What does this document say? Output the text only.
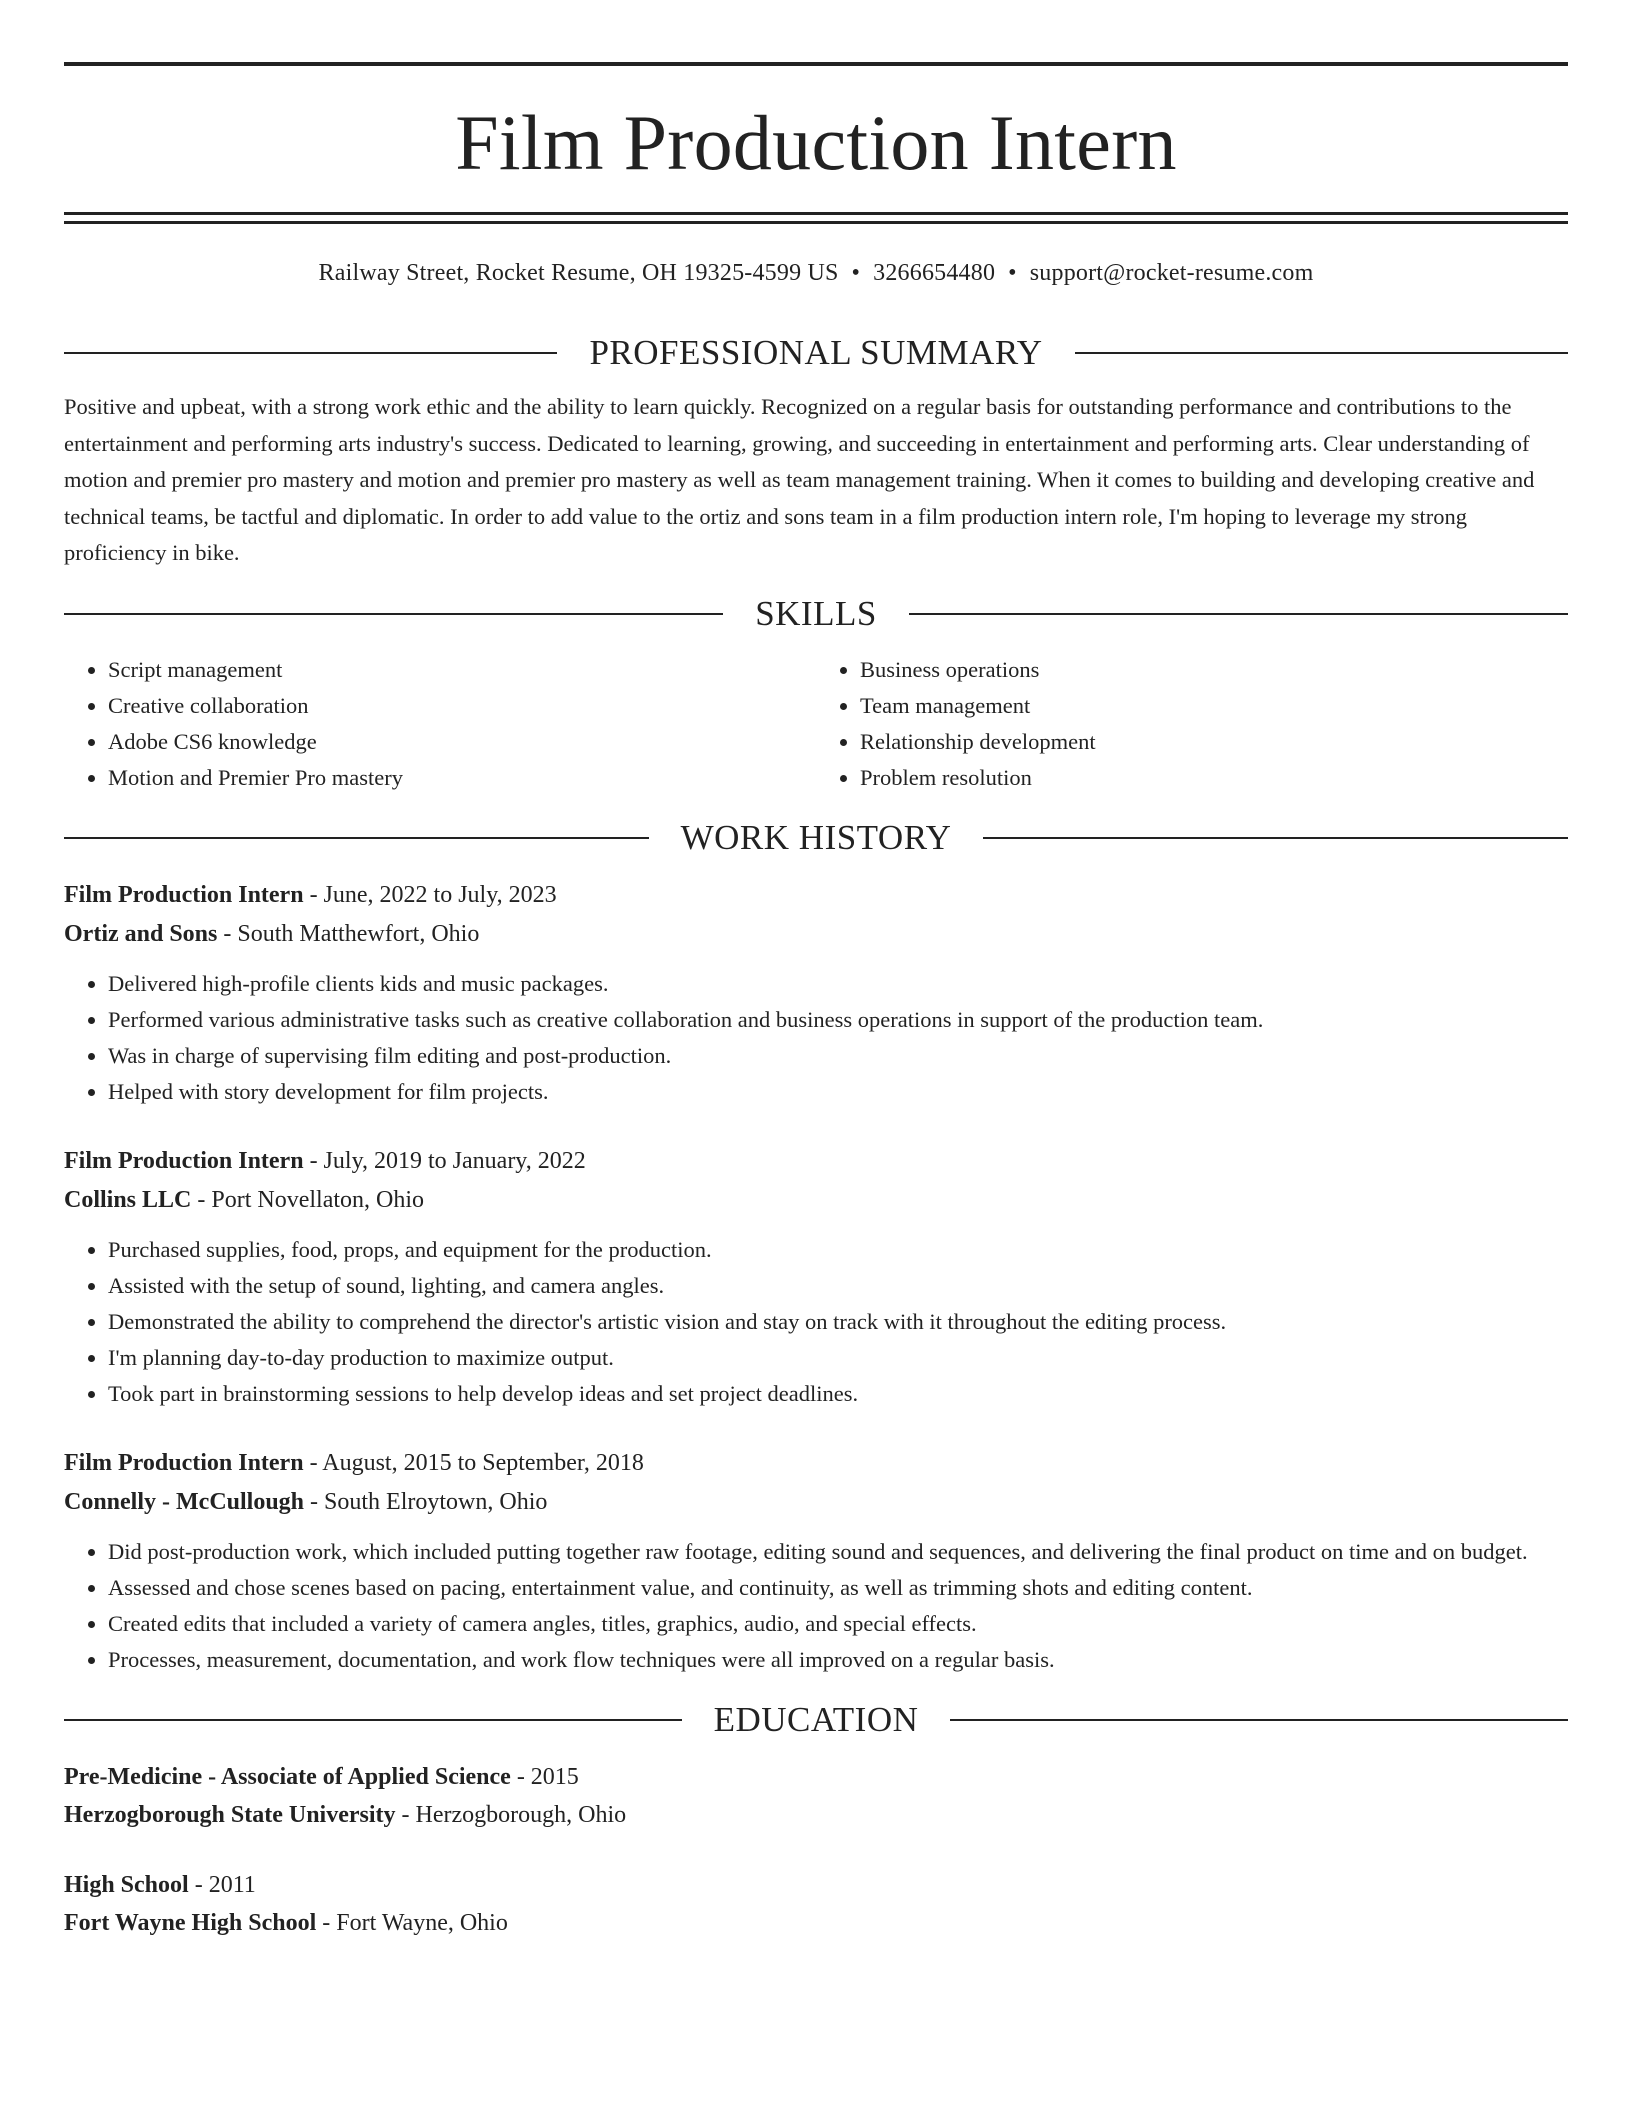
Film Production Intern
Railway Street, Rocket Resume, OH 19325-4599 US • 3266654480 • support@rocket-resume.com
PROFESSIONAL SUMMARY

Positive and upbeat, with a strong work ethic and the ability to learn quickly. Recognized on a regular basis for outstanding performance and contributions to the entertainment and performing arts industry's success. Dedicated to learning, growing, and succeeding in entertainment and performing arts. Clear understanding of motion and premier pro mastery and motion and premier pro mastery as well as team management training. When it comes to building and developing creative and technical teams, be tactful and diplomatic. In order to add value to the ortiz and sons team in a film production intern role, I'm hoping to leverage my strong proficiency in bike.

SKILLS
• Script management
• Creative collaboration
• Adobe CS6 knowledge
• Motion and Premier Pro mastery
• Business operations
• Team management
• Relationship development
• Problem resolution
WORK HISTORY
Film Production Intern - June, 2022 to July, 2023
Ortiz and Sons - South Matthewfort, Ohio
• Delivered high-profile clients kids and music packages.
• Performed various administrative tasks such as creative collaboration and business operations in support of the production team.
• Was in charge of supervising film editing and post-production.
• Helped with story development for film projects.
Film Production Intern - July, 2019 to January, 2022
Collins LLC - Port Novellaton, Ohio
• Purchased supplies, food, props, and equipment for the production.
• Assisted with the setup of sound, lighting, and camera angles.
• Demonstrated the ability to comprehend the director's artistic vision and stay on track with it throughout the editing process.
• I'm planning day-to-day production to maximize output.
• Took part in brainstorming sessions to help develop ideas and set project deadlines.
Film Production Intern - August, 2015 to September, 2018
Connelly - McCullough - South Elroytown, Ohio
• Did post-production work, which included putting together raw footage, editing sound and sequences, and delivering the final product on time and on budget.
• Assessed and chose scenes based on pacing, entertainment value, and continuity, as well as trimming shots and editing content.
• Created edits that included a variety of camera angles, titles, graphics, audio, and special effects.
• Processes, measurement, documentation, and work flow techniques were all improved on a regular basis.
EDUCATION
Pre-Medicine - Associate of Applied Science - 2015
Herzogborough State University - Herzogborough, Ohio
High School - 2011
Fort Wayne High School - Fort Wayne, Ohio
